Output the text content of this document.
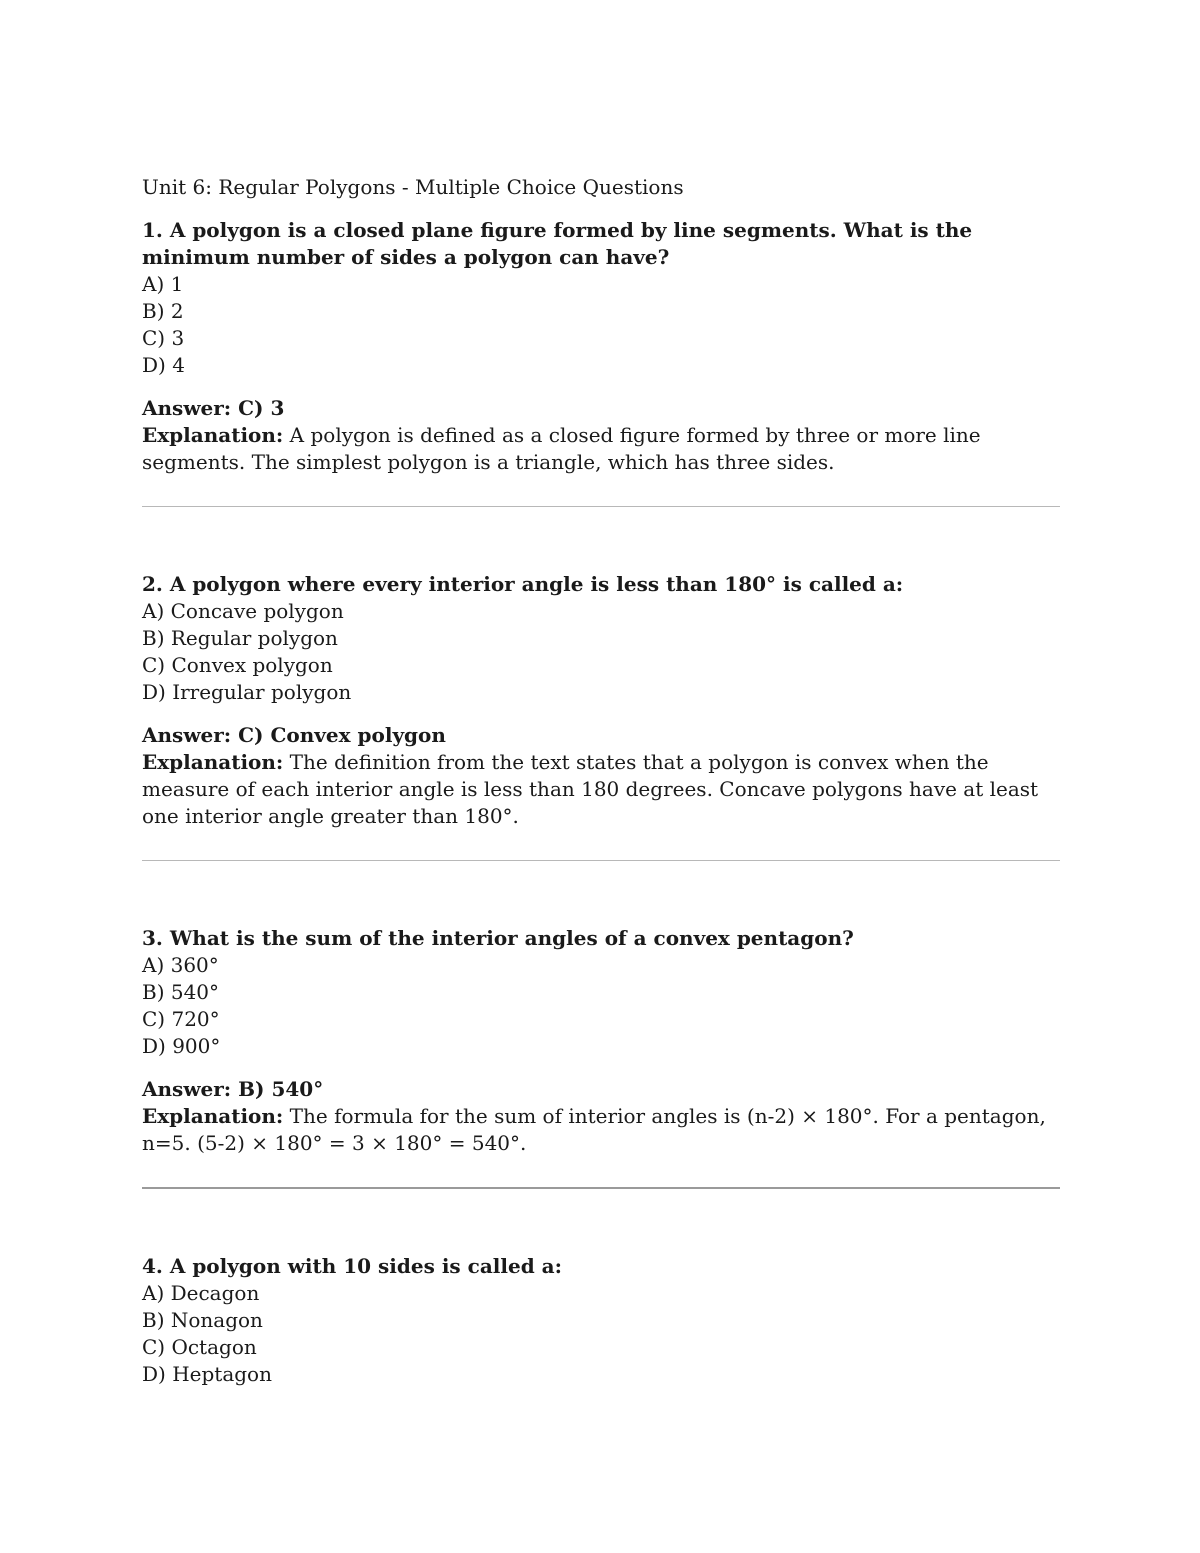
Unit 6: Regular Polygons - Multiple Choice Questions

1. A polygon is a closed plane figure formed by line segments. What is the minimum number of sides a polygon can have?

A) 1
B) 2
C) 3
D) 4
Answer: C) 3
Explanation: A polygon is defined as a closed figure formed by three or more line segments. The simplest polygon is a triangle, which has three sides.

2. A polygon where every interior angle is less than 180° is called a:

A) Concave polygon
B) Regular polygon
C) Convex polygon
D) Irregular polygon
Answer: C) Convex polygon
Explanation: The definition from the text states that a polygon is convex when the measure of each interior angle is less than 180 degrees. Concave polygons have at least one interior angle greater than 180°.

3. What is the sum of the interior angles of a convex pentagon?

A) 360°
B) 540°
C) 720°
D) 900°
Answer: B) 540°
Explanation: The formula for the sum of interior angles is (n-2) × 180°. For a pentagon, n=5. (5-2) × 180° = 3 × 180° = 540°.

4. A polygon with 10 sides is called a:

A) Decagon
B) Nonagon
C) Octagon
D) Heptagon
